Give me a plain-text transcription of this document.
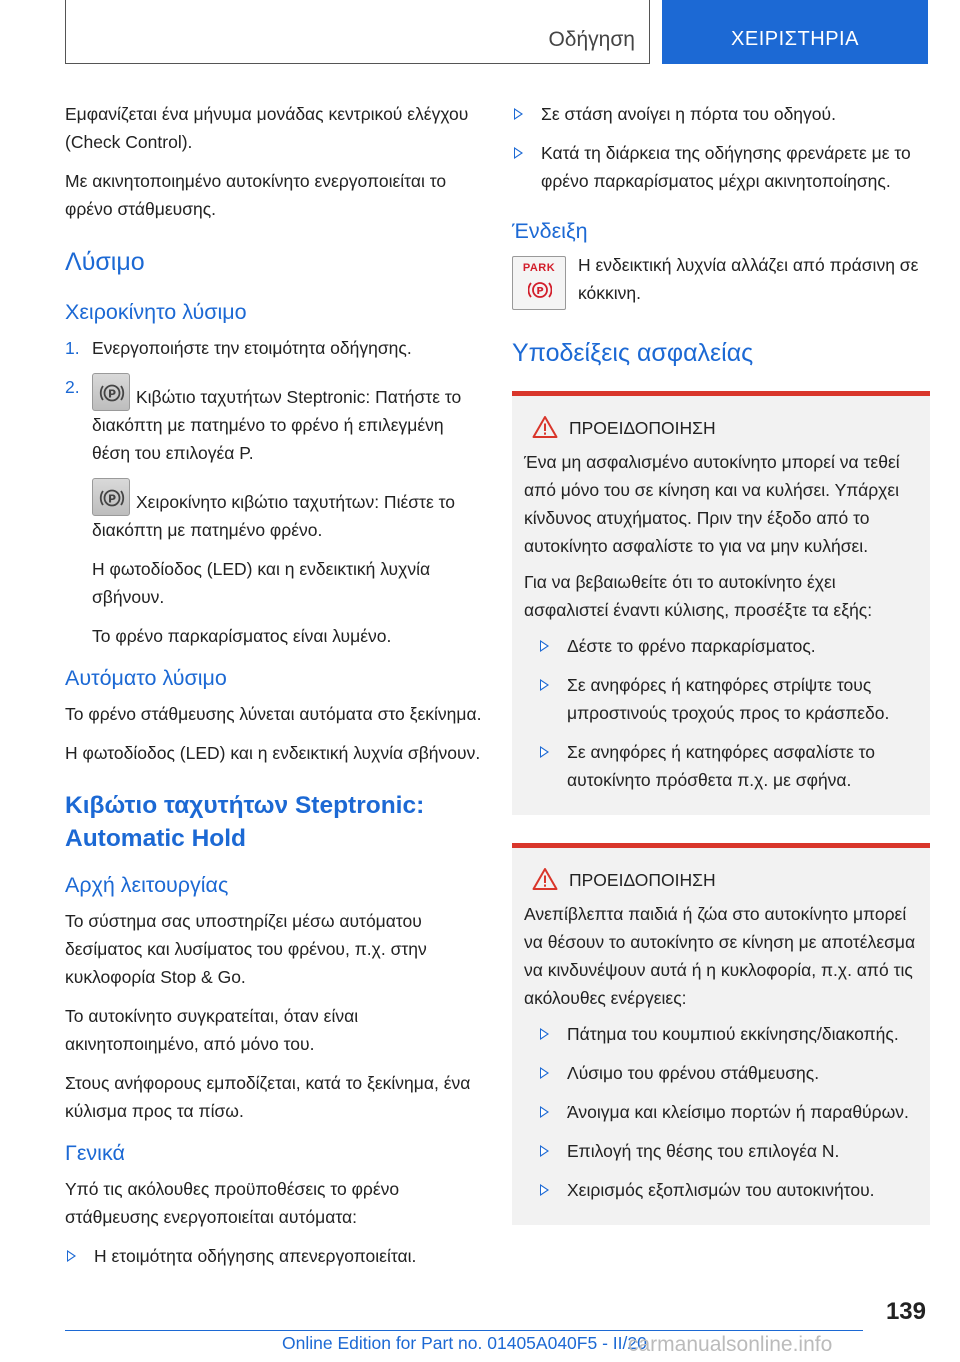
Οδήγηση	ΧΕΙΡΙΣΤΗΡΙΑ

Εμφανίζεται ένα μήνυμα μονάδας κεντρικού ελέγχου (Check Control).

Με ακινητοποιημένο αυτοκίνητο ενεργοποιείται το φρένο στάθμευσης.

Λύσιμο
Χειροκίνητο λύσιμο
1. Ενεργοποιήστε την ετοιμότητα οδήγησης.
2.	P Κιβώτιο ταχυτήτων Steptronic: Πατήστε το διακόπτη με πατημένο το φρένο ή επιλεγμένη θέση του επιλογέα P.

P Χειροκίνητο κιβώτιο ταχυτήτων: Πιέστε το διακόπτη με πατημένο φρένο.

Η φωτοδίοδος (LED) και η ενδεικτική λυχνία σβήνουν.

Το φρένο παρκαρίσματος είναι λυμένο.

Αυτόματο λύσιμο

Το φρένο στάθμευσης λύνεται αυτόματα στο ξεκίνημα.

Η φωτοδίοδος (LED) και η ενδεικτική λυχνία σβήνουν.

Κιβώτιο ταχυτήτων Steptronic: Automatic Hold
Αρχή λειτουργίας

Το σύστημα σας υποστηρίζει μέσω αυτόματου δεσίματος και λυσίματος του φρένου, π.χ. στην κυκλοφορία Stop & Go.

Το αυτοκίνητο συγκρατείται, όταν είναι ακινητοποιημένο, από μόνο του.

Στους ανήφορους εμποδίζεται, κατά το ξεκίνημα, ένα κύλισμα προς τα πίσω.

Γενικά

Υπό τις ακόλουθες προϋποθέσεις το φρένο στάθμευσης ενεργοποιείται αυτόματα:

Η ετοιμότητα οδήγησης απενεργοποιείται.
Σε στάση ανοίγει η πόρτα του οδηγού.
Κατά τη διάρκεια της οδήγησης φρενάρετε με το φρένο παρκαρίσματος μέχρι ακινητοποίησης.
Ένδειξη
PARK
P

Η ενδεικτική λυχνία αλλάζει από πράσινη σε κόκκινη.

Υποδείξεις ασφαλείας
ΠΡΟΕΙΔΟΠΟΙΗΣΗ

Ένα μη ασφαλισμένο αυτοκίνητο μπορεί να τεθεί από μόνο του σε κίνηση και να κυλήσει. Υπάρχει κίνδυνος ατυχήματος. Πριν την έξοδο από το αυτοκίνητο ασφαλίστε το για να μην κυλήσει.

Για να βεβαιωθείτε ότι το αυτοκίνητο έχει ασφαλιστεί έναντι κύλισης, προσέξτε τα εξής:

Δέστε το φρένο παρκαρίσματος.
Σε ανηφόρες ή κατηφόρες στρίψτε τους μπροστινούς τροχούς προς το κράσπεδο.
Σε ανηφόρες ή κατηφόρες ασφαλίστε το αυτοκίνητο πρόσθετα π.χ. με σφήνα.
ΠΡΟΕΙΔΟΠΟΙΗΣΗ

Ανεπίβλεπτα παιδιά ή ζώα στο αυτοκίνητο μπορεί να θέσουν το αυτοκίνητο σε κίνηση με αποτέλεσμα να κινδυνέψουν αυτά ή η κυκλοφορία, π.χ. από τις ακόλουθες ενέργειες:

Πάτημα του κουμπιού εκκίνησης/διακοπής.
Λύσιμο του φρένου στάθμευσης.
Άνοιγμα και κλείσιμο πορτών ή παραθύρων.
Επιλογή της θέσης του επιλογέα N.
Χειρισμός εξοπλισμών του αυτοκινήτου.
139
Online Edition for Part no. 01405A040F5 - II/20
carmanualsonline.info
